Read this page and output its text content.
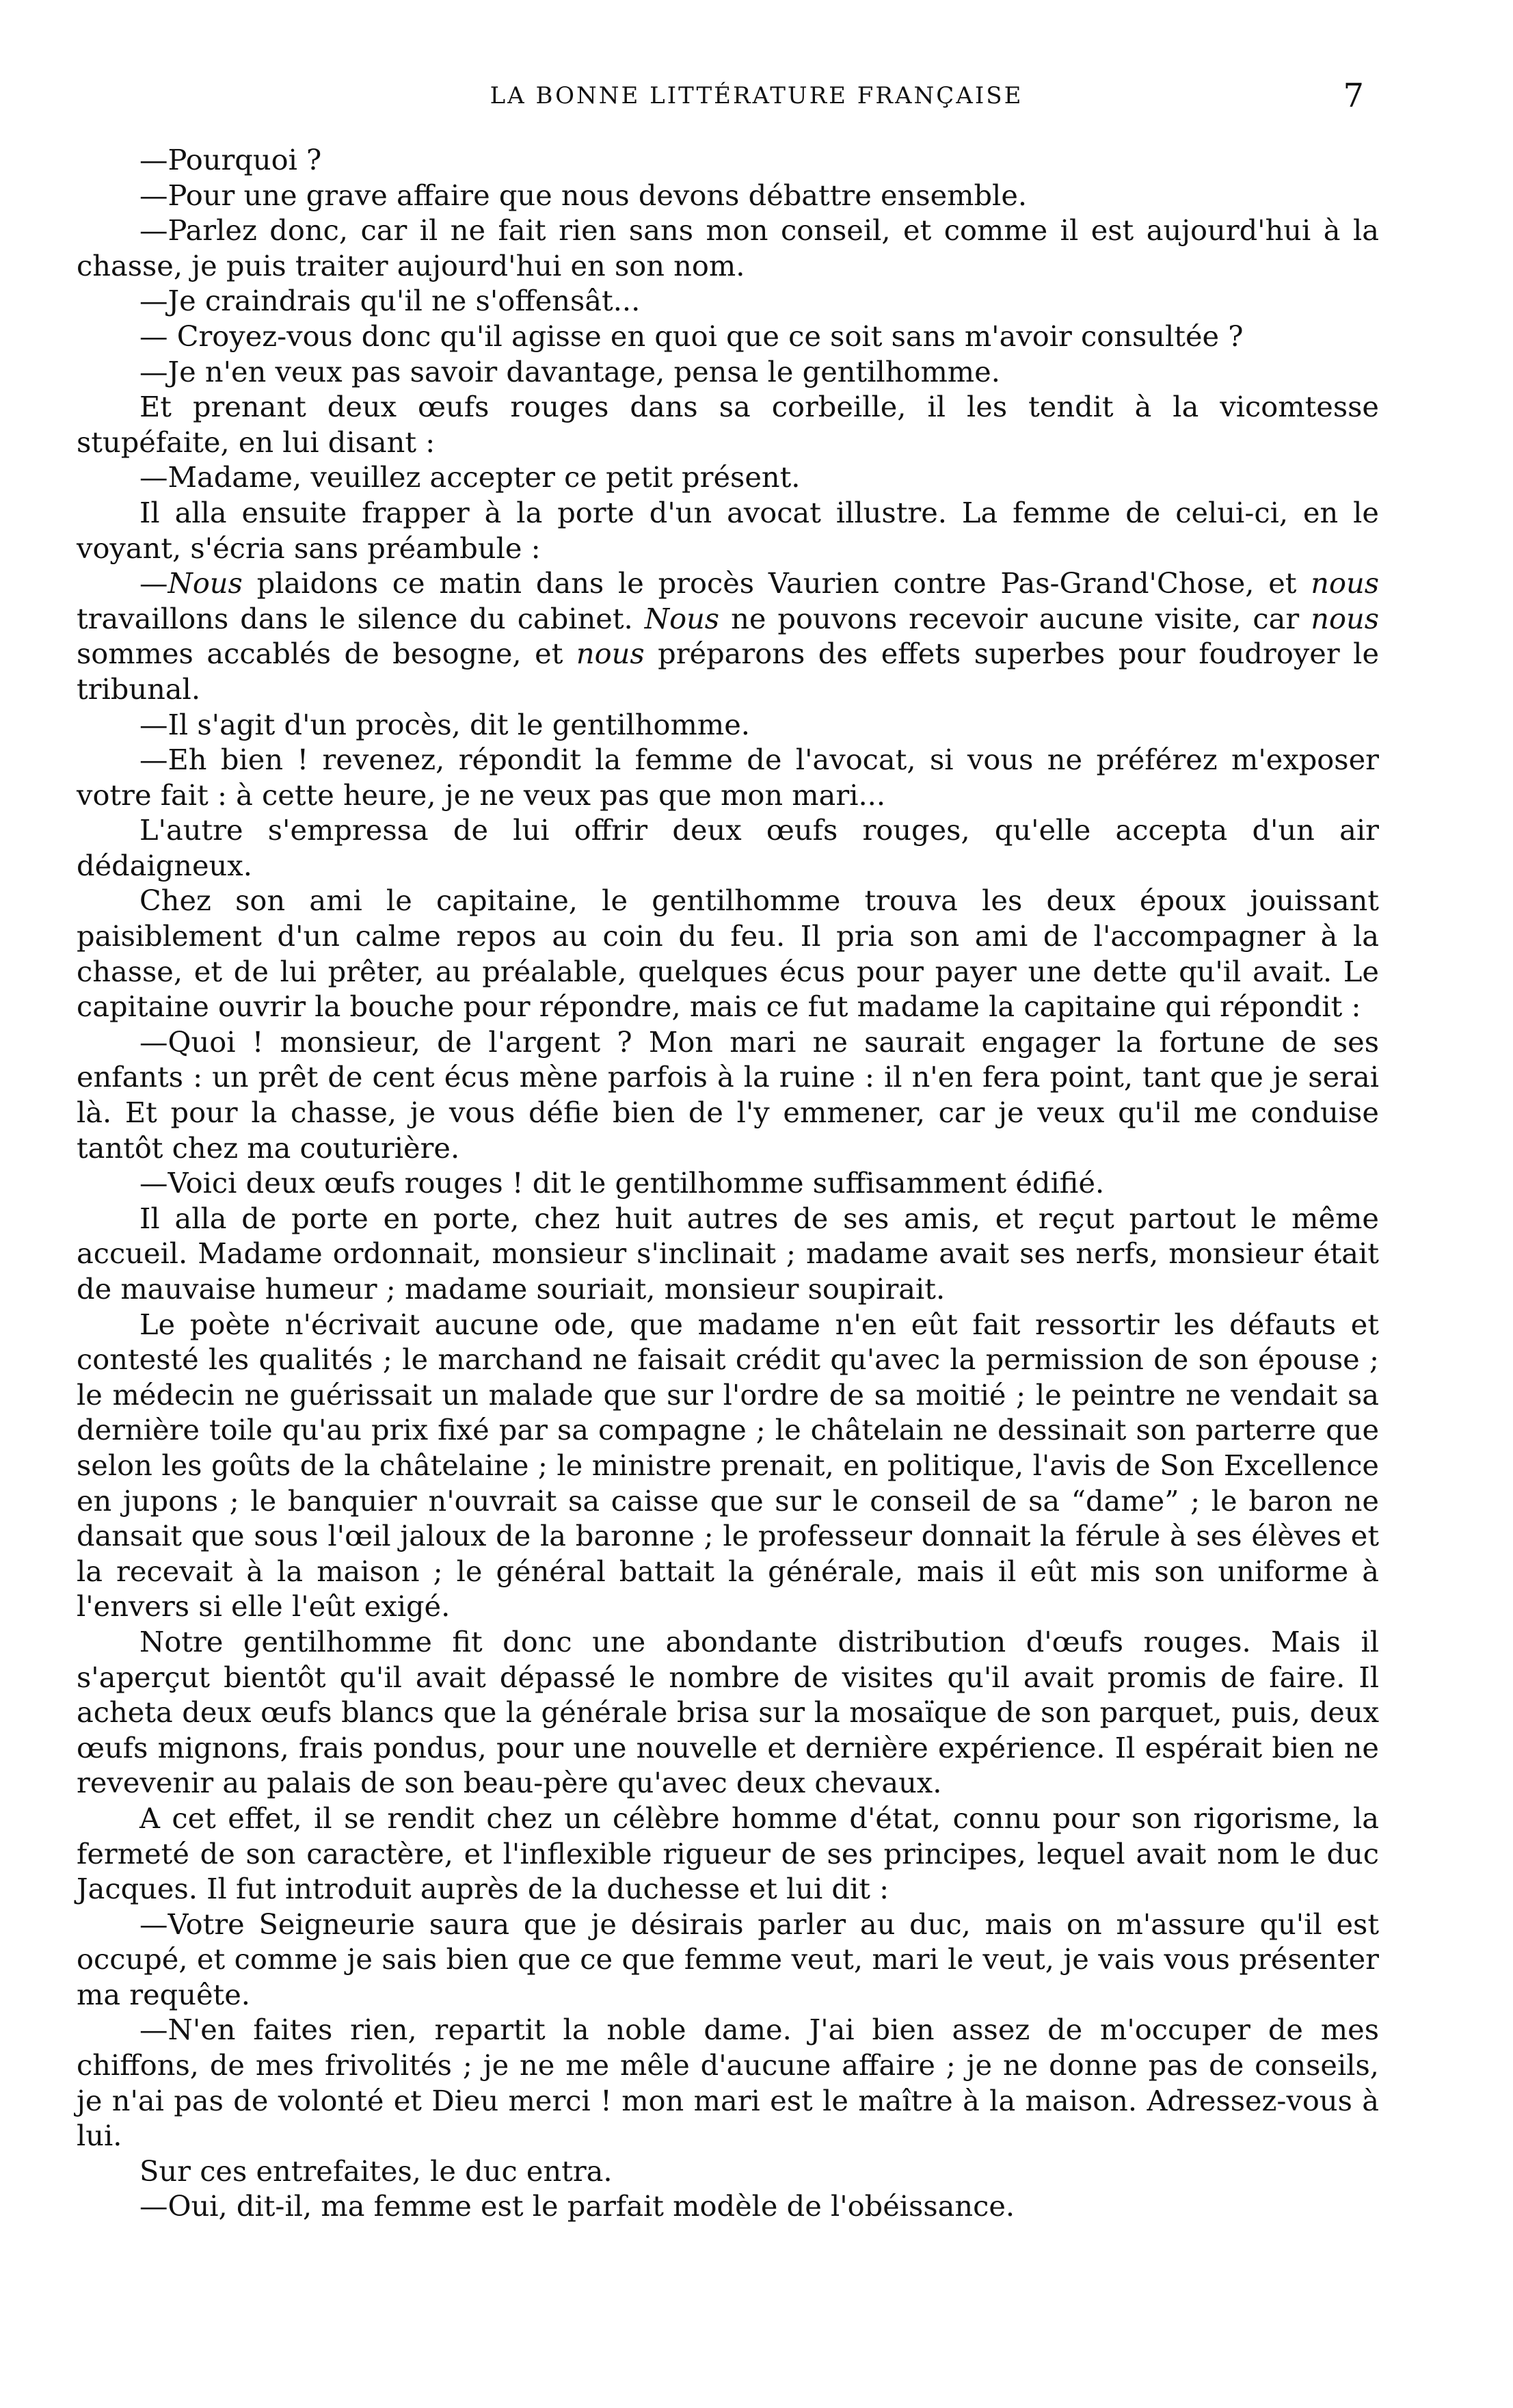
LA BONNE LITTÉRATURE FRANÇAISE	7

—Pourquoi ?

—Pour une grave affaire que nous devons débattre ensemble.

—Parlez donc, car il ne fait rien sans mon conseil, et comme il est aujourd'hui à la chasse, je puis traiter aujourd'hui en son nom.

—Je craindrais qu'il ne s'offensât...

— Croyez-vous donc qu'il agisse en quoi que ce soit sans m'avoir consultée ?

—Je n'en veux pas savoir davantage, pensa le gentilhomme.

Et prenant deux œufs rouges dans sa corbeille, il les tendit à la vicomtesse stupéfaite, en lui disant :

—Madame, veuillez accepter ce petit présent.

Il alla ensuite frapper à la porte d'un avocat illustre. La femme de celui-ci, en le voyant, s'écria sans préambule :

—Nous plaidons ce matin dans le procès Vaurien contre Pas-Grand'Chose, et nous travaillons dans le silence du cabinet. Nous ne pouvons recevoir aucune visite, car nous sommes accablés de besogne, et nous préparons des effets superbes pour foudroyer le tribunal.

—Il s'agit d'un procès, dit le gentilhomme.

—Eh bien ! revenez, répondit la femme de l'avocat, si vous ne préférez m'exposer votre fait : à cette heure, je ne veux pas que mon mari...

L'autre s'empressa de lui offrir deux œufs rouges, qu'elle accepta d'un air dédaigneux.

Chez son ami le capitaine, le gentilhomme trouva les deux époux jouissant paisiblement d'un calme repos au coin du feu. Il pria son ami de l'accompagner à la chasse, et de lui prêter, au préalable, quelques écus pour payer une dette qu'il avait. Le capitaine ouvrir la bouche pour répondre, mais ce fut madame la capitaine qui répondit :

—Quoi ! monsieur, de l'argent ? Mon mari ne saurait engager la fortune de ses enfants : un prêt de cent écus mène parfois à la ruine : il n'en fera point, tant que je serai là. Et pour la chasse, je vous défie bien de l'y emmener, car je veux qu'il me conduise tantôt chez ma couturière.

—Voici deux œufs rouges ! dit le gentilhomme suffisamment édifié.

Il alla de porte en porte, chez huit autres de ses amis, et reçut partout le même accueil. Madame ordonnait, monsieur s'inclinait ; madame avait ses nerfs, monsieur était de mauvaise humeur ; madame souriait, monsieur soupirait.

Le poète n'écrivait aucune ode, que madame n'en eût fait ressortir les défauts et contesté les qualités ; le marchand ne faisait crédit qu'avec la permission de son épouse ; le médecin ne guérissait un malade que sur l'ordre de sa moitié ; le peintre ne vendait sa dernière toile qu'au prix fixé par sa compagne ; le châtelain ne dessinait son parterre que selon les goûts de la châtelaine ; le ministre prenait, en politique, l'avis de Son Excellence en jupons ; le banquier n'ouvrait sa caisse que sur le conseil de sa “dame” ; le baron ne dansait que sous l'œil jaloux de la baronne ; le professeur donnait la férule à ses élèves et la recevait à la maison ; le général battait la générale, mais il eût mis son uniforme à l'envers si elle l'eût exigé.

Notre gentilhomme fit donc une abondante distribution d'œufs rouges. Mais il s'aperçut bientôt qu'il avait dépassé le nombre de visites qu'il avait promis de faire. Il acheta deux œufs blancs que la générale brisa sur la mosaïque de son parquet, puis, deux œufs mignons, frais pondus, pour une nouvelle et dernière expérience. Il espérait bien ne revevenir au palais de son beau-père qu'avec deux chevaux.

A cet effet, il se rendit chez un célèbre homme d'état, connu pour son rigorisme, la fermeté de son caractère, et l'inflexible rigueur de ses principes, lequel avait nom le duc Jacques. Il fut introduit auprès de la duchesse et lui dit :

—Votre Seigneurie saura que je désirais parler au duc, mais on m'assure qu'il est occupé, et comme je sais bien que ce que femme veut, mari le veut, je vais vous présenter ma requête.

—N'en faites rien, repartit la noble dame. J'ai bien assez de m'occuper de mes chiffons, de mes frivolités ; je ne me mêle d'aucune affaire ; je ne donne pas de conseils, je n'ai pas de volonté et Dieu merci ! mon mari est le maître à la maison. Adressez-vous à lui.

Sur ces entrefaites, le duc entra.

—Oui, dit-il, ma femme est le parfait modèle de l'obéissance.
